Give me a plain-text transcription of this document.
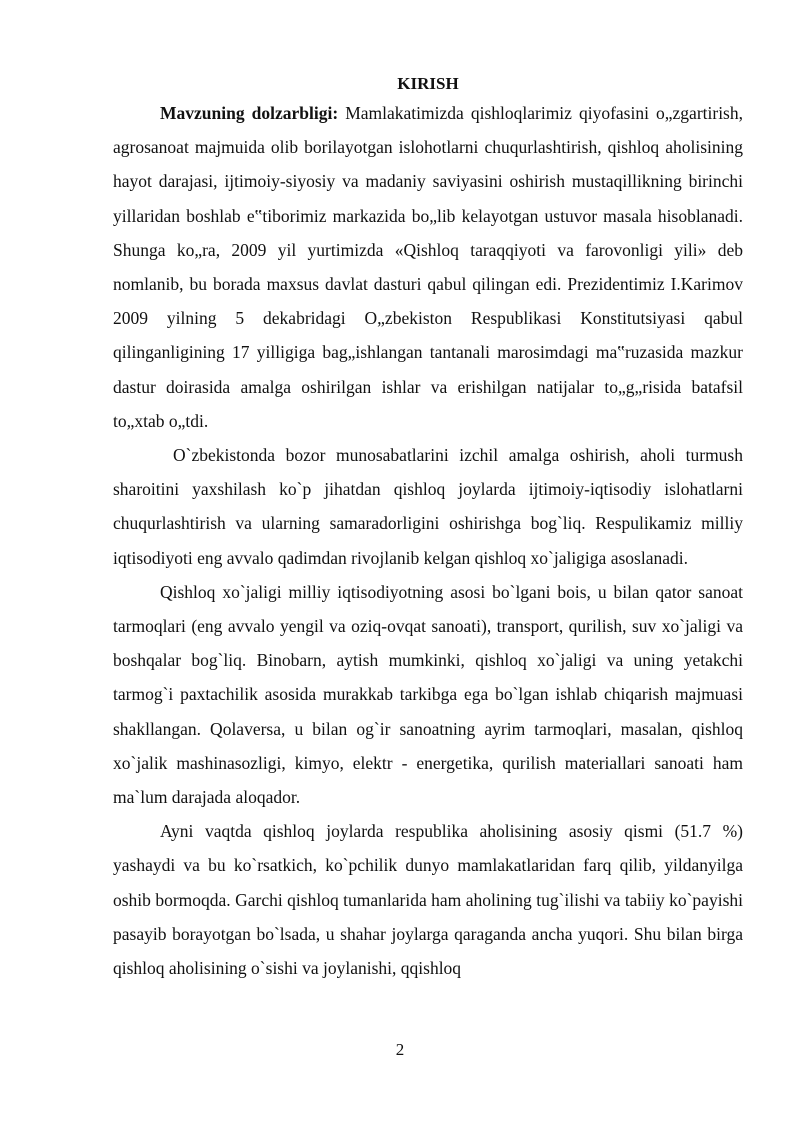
KIRISH

Mavzuning dolzarbligi: Mamlakatimizda qishloqlarimiz qiyofasini o„zgartirish, agrosanoat majmuida olib borilayotgan islohotlarni chuqurlashtirish, qishloq aholisining hayot darajasi, ijtimoiy-siyosiy va madaniy saviyasini oshirish mustaqillikning birinchi yillaridan boshlab e‟tiborimiz markazida bo„lib kelayotgan ustuvor masala hisoblanadi. Shunga ko„ra, 2009 yil yurtimizda «Qishloq taraqqiyoti va farovonligi yili» deb nomlanib, bu borada maxsus davlat dasturi qabul qilingan edi. Prezidentimiz I.Karimov 2009 yilning 5 dekabridagi O„zbekiston Respublikasi Konstitutsiyasi qabul qilinganligining 17 yilligiga bag„ishlangan tantanali marosimdagi ma‟ruzasida mazkur dastur doirasida amalga oshirilgan ishlar va erishilgan natijalar to„g„risida batafsil to„xtab o„tdi.

O`zbekistonda bozor munosabatlarini izchil amalga oshirish, aholi turmush sharoitini yaxshilash ko`p jihatdan qishloq joylarda ijtimoiy-iqtisodiy islohatlarni chuqurlashtirish va ularning samaradorligini oshirishga bog`liq. Respulikamiz milliy iqtisodiyoti eng avvalo qadimdan rivojlanib kelgan qishloq xo`jaligiga asoslanadi.

Qishloq xo`jaligi milliy iqtisodiyotning asosi bo`lgani bois, u bilan qator sanoat tarmoqlari (eng avvalo yengil va oziq-ovqat sanoati), transport, qurilish, suv xo`jaligi va boshqalar bog`liq. Binobarn, aytish mumkinki, qishloq xo`jaligi va uning yetakchi tarmog`i paxtachilik asosida murakkab tarkibga ega bo`lgan ishlab chiqarish majmuasi shakllangan. Qolaversa, u bilan og`ir sanoatning ayrim tarmoqlari, masalan, qishloq xo`jalik mashinasozligi, kimyo, elektr - energetika, qurilish materiallari sanoati ham ma`lum darajada aloqador.

Ayni vaqtda qishloq joylarda respublika aholisining asosiy qismi (51.7 %) yashaydi va bu ko`rsatkich, ko`pchilik dunyo mamlakatlaridan farq qilib, yildanyilga oshib bormoqda. Garchi qishloq tumanlarida ham aholining tug`ilishi va tabiiy ko`payishi pasayib borayotgan bo`lsada, u shahar joylarga qaraganda ancha yuqori. Shu bilan birga qishloq aholisining o`sishi va joylanishi, qqishloq

2
